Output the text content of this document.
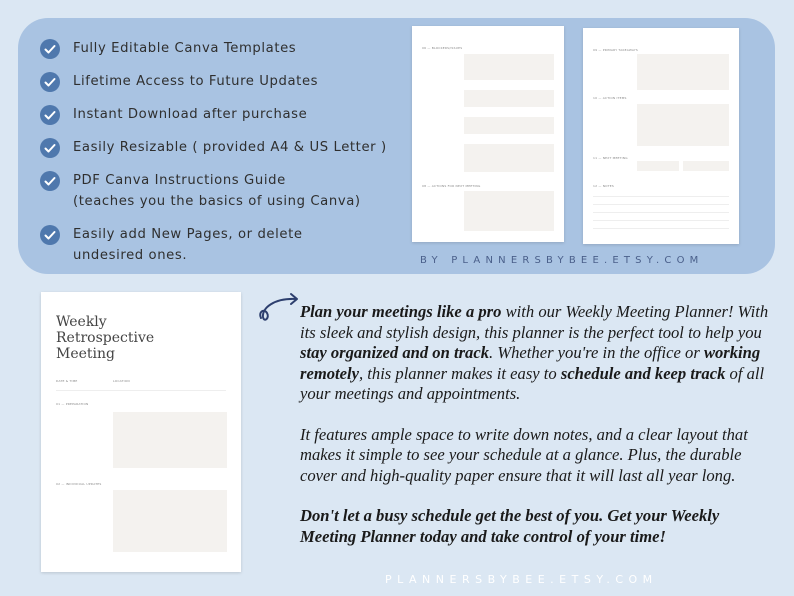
Fully Editable Canva Templates
Lifetime Access to Future Updates
Instant Download after purchase
Easily Resizable ( provided A4 & US Letter )
PDF Canva Instructions Guide
(teaches you the basics of using Canva)
Easily add New Pages, or delete
undesired ones.
06 — BLOCKERS/ISSUES
08 — ACTIONS FOR NEXT MEETING
09 — PRIMARY TAKEAWAYS
10 — ACTION ITEMS
11 — NEXT MEETING
12 — NOTES
BY PLANNERSBYBEE.ETSY.COM
Weekly
Retrospective
Meeting
DATE & TIME	LOCATION
01 — PREPARATION
02 — INDIVIDUAL UPDATES

Plan your meetings like a pro with our Weekly Meeting Planner! With its sleek and stylish design, this planner is the perfect tool to help you stay organized and on track. Whether you're in the office or working remotely, this planner makes it easy to schedule and keep track of all your meetings and appointments.

It features ample space to write down notes, and a clear layout that makes it simple to see your schedule at a glance. Plus, the durable cover and high-quality paper ensure that it will last all year long.

Don't let a busy schedule get the best of you. Get your Weekly Meeting Planner today and take control of your time!

PLANNERSBYBEE.ETSY.COM
